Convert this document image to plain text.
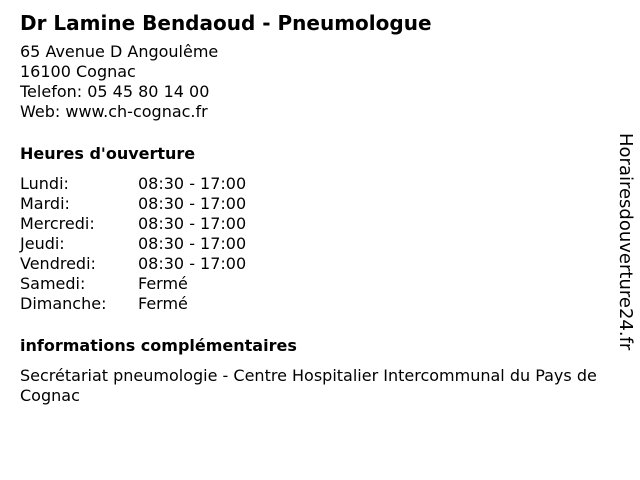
Dr Lamine Bendaoud - Pneumologue
65 Avenue D Angoulême
16100 Cognac
Telefon: 05 45 80 14 00
Web: www.ch-cognac.fr
Heures d'ouverture
Lundi:	08:30 - 17:00
Mardi:	08:30 - 17:00
Mercredi:	08:30 - 17:00
Jeudi:	08:30 - 17:00
Vendredi:	08:30 - 17:00
Samedi:	Fermé
Dimanche:	Fermé
informations complémentaires
Secrétariat pneumologie - Centre Hospitalier Intercommunal du Pays de Cognac
Horairesdouverture24.fr
